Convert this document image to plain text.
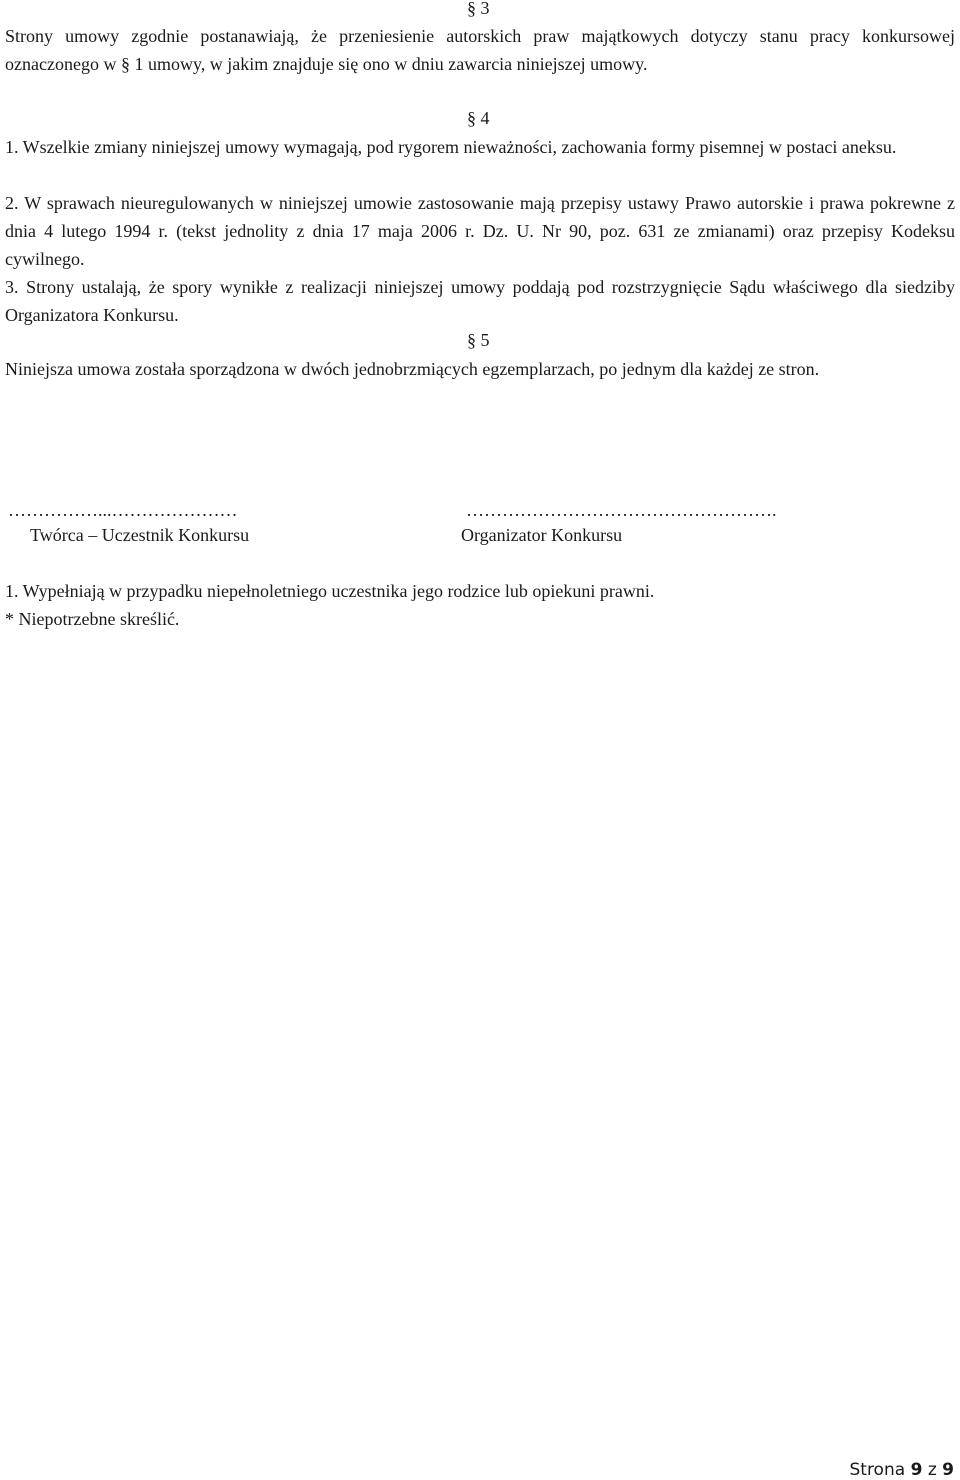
§ 3

Strony umowy zgodnie postanawiają, że przeniesienie autorskich praw majątkowych dotyczy stanu pracy konkursowej oznaczonego w § 1 umowy, w jakim znajduje się ono w dniu zawarcia niniejszej umowy.

§ 4

1. Wszelkie zmiany niniejszej umowy wymagają, pod rygorem nieważności, zachowania formy pisemnej w postaci aneksu.

2. W sprawach nieuregulowanych w niniejszej umowie zastosowanie mają przepisy ustawy Prawo autorskie i prawa pokrewne z dnia 4 lutego 1994 r. (tekst jednolity z dnia 17 maja 2006 r. Dz. U. Nr 90, poz. 631 ze zmianami) oraz przepisy Kodeksu cywilnego.

3. Strony ustalają, że spory wynikłe z realizacji niniejszej umowy poddają pod rozstrzygnięcie Sądu właściwego dla siedziby Organizatora Konkursu.

§ 5

Niniejsza umowa została sporządzona w dwóch jednobrzmiących egzemplarzach, po jednym dla każdej ze stron.

……………...…………………
Twórca – Uczestnik Konkursu
…………………………………………….
Organizator Konkursu
1. Wypełniają w przypadku niepełnoletniego uczestnika jego rodzice lub opiekuni prawni.
* Niepotrzebne skreślić.
Strona 9 z 9
